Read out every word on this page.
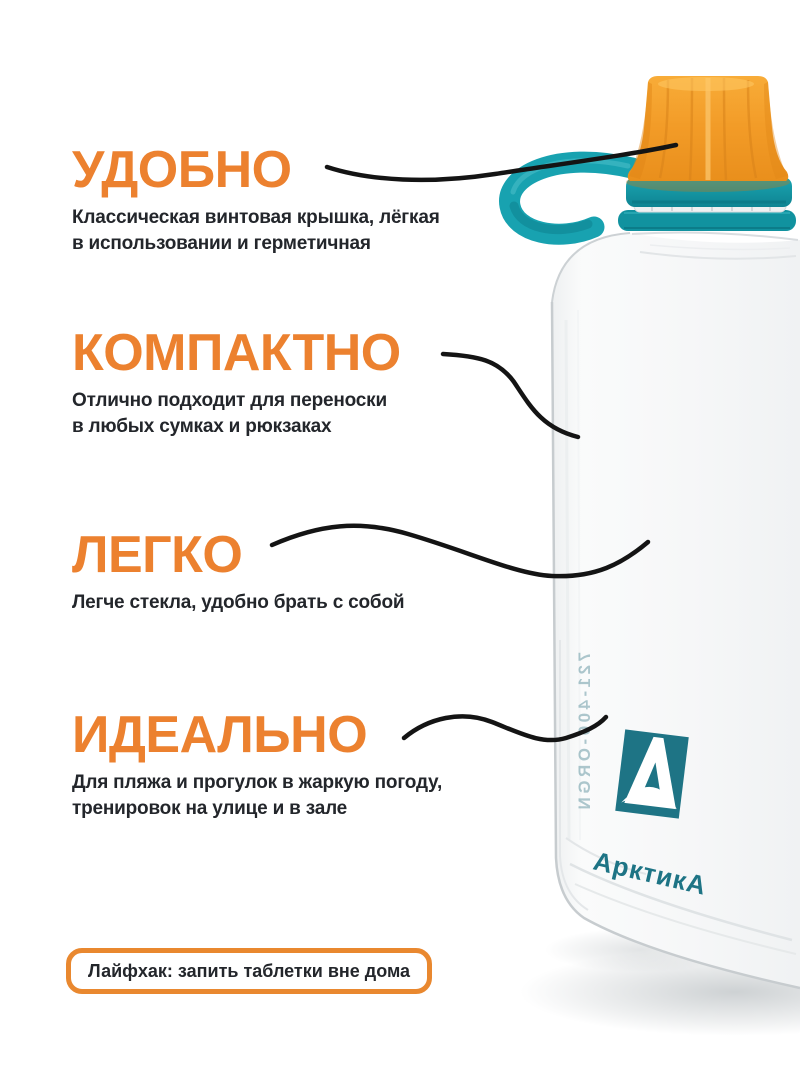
721-400-ORGN
АрктикА
УДОБНО
Классическая винтовая крышка, лёгкая
в использовании и герметичная
КОМПАКТНО
Отлично подходит для переноски
в любых сумках и рюкзаках
ЛЕГКО
Легче стекла, удобно брать с собой
ИДЕАЛЬНО
Для пляжа и прогулок в жаркую погоду,
тренировок на улице и в зале
Лайфхак: запить таблетки вне дома
